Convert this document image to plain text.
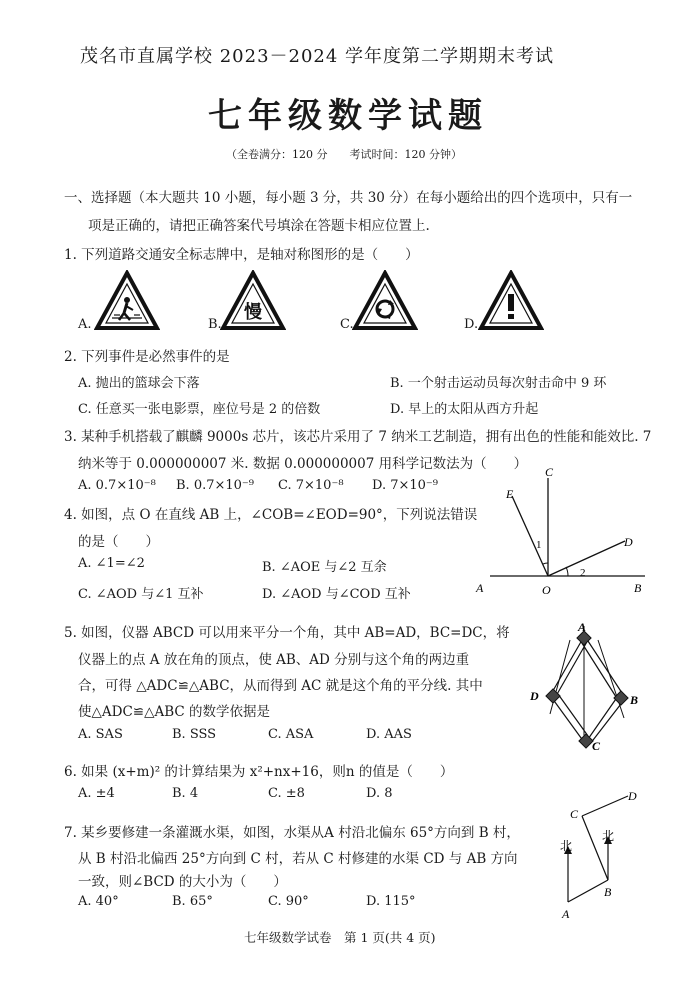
茂名市直属学校 2023－2024 学年度第二学期期末考试
七年级数学试题
（全卷满分：120 分　　考试时间：120 分钟）
一、选择题（本大题共 10 小题，每小题 3 分，共 30 分）在每小题给出的四个选项中，只有一
项是正确的，请把正确答案代号填涂在答题卡相应位置上.
1. 下列道路交通安全标志牌中，是轴对称图形的是（　　）
A.	B.	C.	D.
慢
2. 下列事件是必然事件的是
A. 抛出的篮球会下落	B. 一个射击运动员每次射击命中 9 环
C. 任意买一张电影票，座位号是 2 的倍数	D. 早上的太阳从西方升起
3. 某种手机搭载了麒麟 9000s 芯片，该芯片采用了 7 纳米工艺制造，拥有出色的性能和能效比. 7
纳米等于 0.000000007 米. 数据 0.000000007 用科学记数法为（　　）
A. 0.7×10⁻⁸ B. 0.7×10⁻⁹ C. 7×10⁻⁸ D. 7×10⁻⁹
4. 如图，点 O 在直线 AB 上，∠COB=∠EOD=90°，下列说法错误
的是（　　）
A. ∠1=∠2	B. ∠AOE 与∠2 互余
C. ∠AOD 与∠1 互补	D. ∠AOD 与∠COD 互补
C
E
D
A	O	B
1
2
5. 如图，仪器 ABCD 可以用来平分一个角，其中 AB=AD，BC=DC，将
仪器上的点 A 放在角的顶点，使 AB、AD 分别与这个角的两边重
合，可得 △ADC≌△ABC，从而得到 AC 就是这个角的平分线. 其中
使△ADC≌△ABC 的数学依据是
A. SAS	B. SSS	C. ASA	D. AAS
A
D	B
C
6. 如果 (x+m)² 的计算结果为 x²+nx+16，则n 的值是（　　）
A. ±4	B. 4	C. ±8	D. 8
7. 某乡要修建一条灌溉水渠，如图，水渠从A 村沿北偏东 65°方向到 B 村，
从 B 村沿北偏西 25°方向到 C 村，若从 C 村修建的水渠 CD 与 AB 方向
一致，则∠BCD 的大小为（　　）
A. 40°	B. 65°	C. 90°	D. 115°
C
D
北
北
A
B
七年级数学试卷　第 1 页(共 4 页)
